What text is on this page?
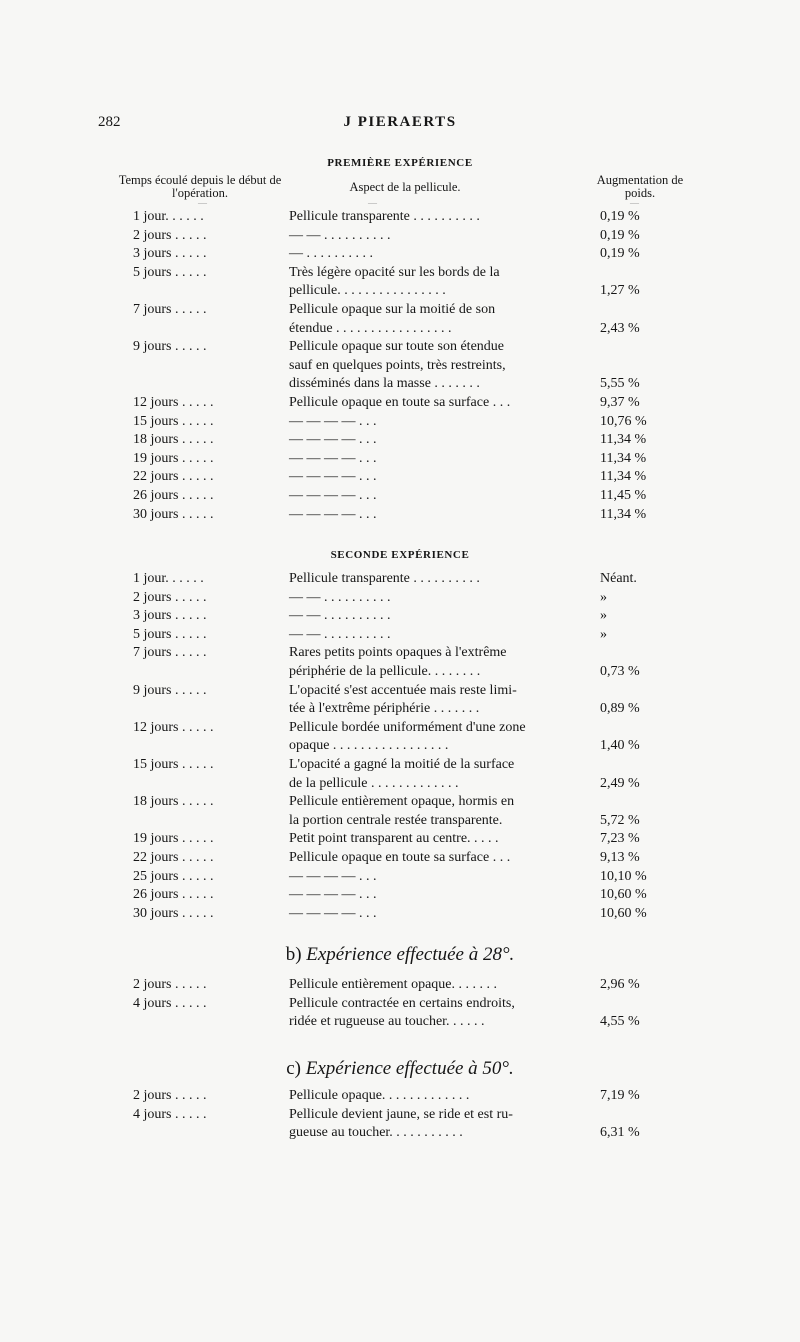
282	J PIERAERTS
PREMIÈRE EXPÉRIENCE
Temps écoulé depuis le début de l'opération.	Aspect de la pellicule.	Augmentation de poids.
—	—	—
1 jour. . . . . .	Pellicule transparente . . . . . . . . . .	0,19 %
2 jours . . . . .	— — . . . . . . . . . .	0,19 %
3 jours . . . . .	— . . . . . . . . . .	0,19 %
5 jours . . . . .	Très légère opacité sur les bords de la
pellicule. . . . . . . . . . . . . . . .	1,27 %
7 jours . . . . .	Pellicule opaque sur la moitié de son
étendue . . . . . . . . . . . . . . . . .	2,43 %
9 jours . . . . .	Pellicule opaque sur toute son étendue
sauf en quelques points, très restreints,
disséminés dans la masse . . . . . . .	5,55 %
12 jours . . . . .	Pellicule opaque en toute sa surface . . .	9,37 %
15 jours . . . . .	— — — — . . .	10,76 %
18 jours . . . . .	— — — — . . .	11,34 %
19 jours . . . . .	— — — — . . .	11,34 %
22 jours . . . . .	— — — — . . .	11,34 %
26 jours . . . . .	— — — — . . .	11,45 %
30 jours . . . . .	— — — — . . .	11,34 %
SECONDE EXPÉRIENCE
1 jour. . . . . .	Pellicule transparente . . . . . . . . . .	Néant.
2 jours . . . . .	— — . . . . . . . . . .	»
3 jours . . . . .	— — . . . . . . . . . .	»
5 jours . . . . .	— — . . . . . . . . . .	»
7 jours . . . . .	Rares petits points opaques à l'extrême
périphérie de la pellicule. . . . . . . .	0,73 %
9 jours . . . . .	L'opacité s'est accentuée mais reste limi-
tée à l'extrême périphérie . . . . . . .	0,89 %
12 jours . . . . .	Pellicule bordée uniformément d'une zone
opaque . . . . . . . . . . . . . . . . .	1,40 %
15 jours . . . . .	L'opacité a gagné la moitié de la surface
de la pellicule . . . . . . . . . . . . .	2,49 %
18 jours . . . . .	Pellicule entièrement opaque, hormis en
la portion centrale restée transparente.	5,72 %
19 jours . . . . .	Petit point transparent au centre. . . . .	7,23 %
22 jours . . . . .	Pellicule opaque en toute sa surface . . .	9,13 %
25 jours . . . . .	— — — — . . .	10,10 %
26 jours . . . . .	— — — — . . .	10,60 %
30 jours . . . . .	— — — — . . .	10,60 %
b) Expérience effectuée à 28°.
2 jours . . . . .	Pellicule entièrement opaque. . . . . . .	2,96 %
4 jours . . . . .	Pellicule contractée en certains endroits,
ridée et rugueuse au toucher. . . . . .	4,55 %
c) Expérience effectuée à 50°.
2 jours . . . . .	Pellicule opaque. . . . . . . . . . . . .	7,19 %
4 jours . . . . .	Pellicule devient jaune, se ride et est ru-
gueuse au toucher. . . . . . . . . . .	6,31 %
